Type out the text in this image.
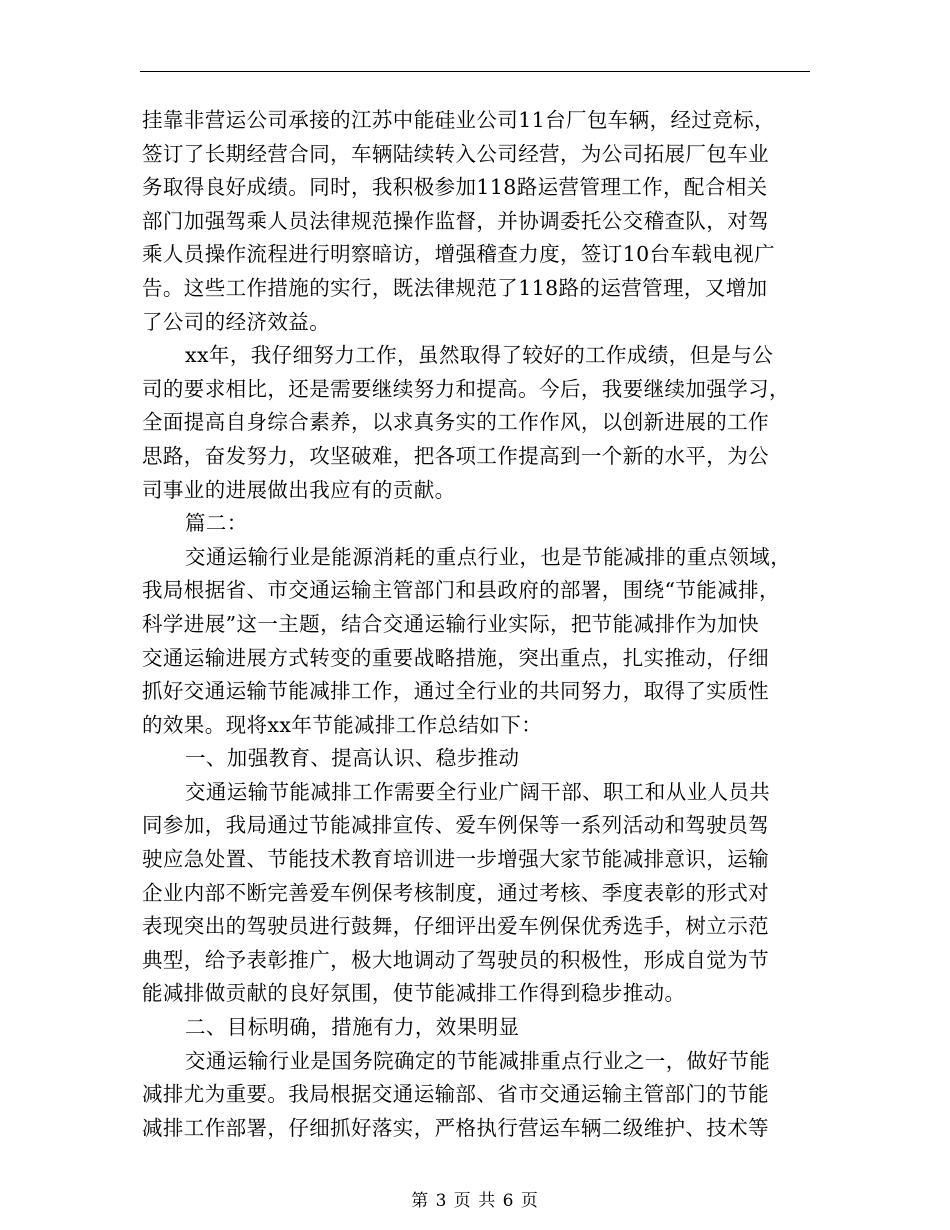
挂靠非营运公司承接的江苏中能硅业公司11台厂包车辆，经过竞标，
签订了长期经营合同，车辆陆续转入公司经营，为公司拓展厂包车业
务取得良好成绩。同时，我积极参加118路运营管理工作，配合相关
部门加强驾乘人员法律规范操作监督，并协调委托公交稽查队，对驾
乘人员操作流程进行明察暗访，增强稽查力度，签订10台车载电视广
告。这些工作措施的实行，既法律规范了118路的运营管理，又增加
了公司的经济效益。
xx年，我仔细努力工作，虽然取得了较好的工作成绩，但是与公
司的要求相比，还是需要继续努力和提高。今后，我要继续加强学习，
全面提高自身综合素养，以求真务实的工作作风，以创新进展的工作
思路，奋发努力，攻坚破难，把各项工作提高到一个新的水平，为公
司事业的进展做出我应有的贡献。
篇二：
交通运输行业是能源消耗的重点行业，也是节能减排的重点领域，
我局根据省、市交通运输主管部门和县政府的部署，围绕“节能减排，
科学进展”这一主题，结合交通运输行业实际，把节能减排作为加快
交通运输进展方式转变的重要战略措施，突出重点，扎实推动，仔细
抓好交通运输节能减排工作，通过全行业的共同努力，取得了实质性
的效果。现将xx年节能减排工作总结如下：
一、加强教育、提高认识、稳步推动
交通运输节能减排工作需要全行业广阔干部、职工和从业人员共
同参加，我局通过节能减排宣传、爱车例保等一系列活动和驾驶员驾
驶应急处置、节能技术教育培训进一步增强大家节能减排意识，运输
企业内部不断完善爱车例保考核制度，通过考核、季度表彰的形式对
表现突出的驾驶员进行鼓舞，仔细评出爱车例保优秀选手，树立示范
典型，给予表彰推广，极大地调动了驾驶员的积极性，形成自觉为节
能减排做贡献的良好氛围，使节能减排工作得到稳步推动。
二、目标明确，措施有力，效果明显
交通运输行业是国务院确定的节能减排重点行业之一，做好节能
减排尤为重要。我局根据交通运输部、省市交通运输主管部门的节能
减排工作部署，仔细抓好落实，严格执行营运车辆二级维护、技术等
第 3 页 共 6 页
